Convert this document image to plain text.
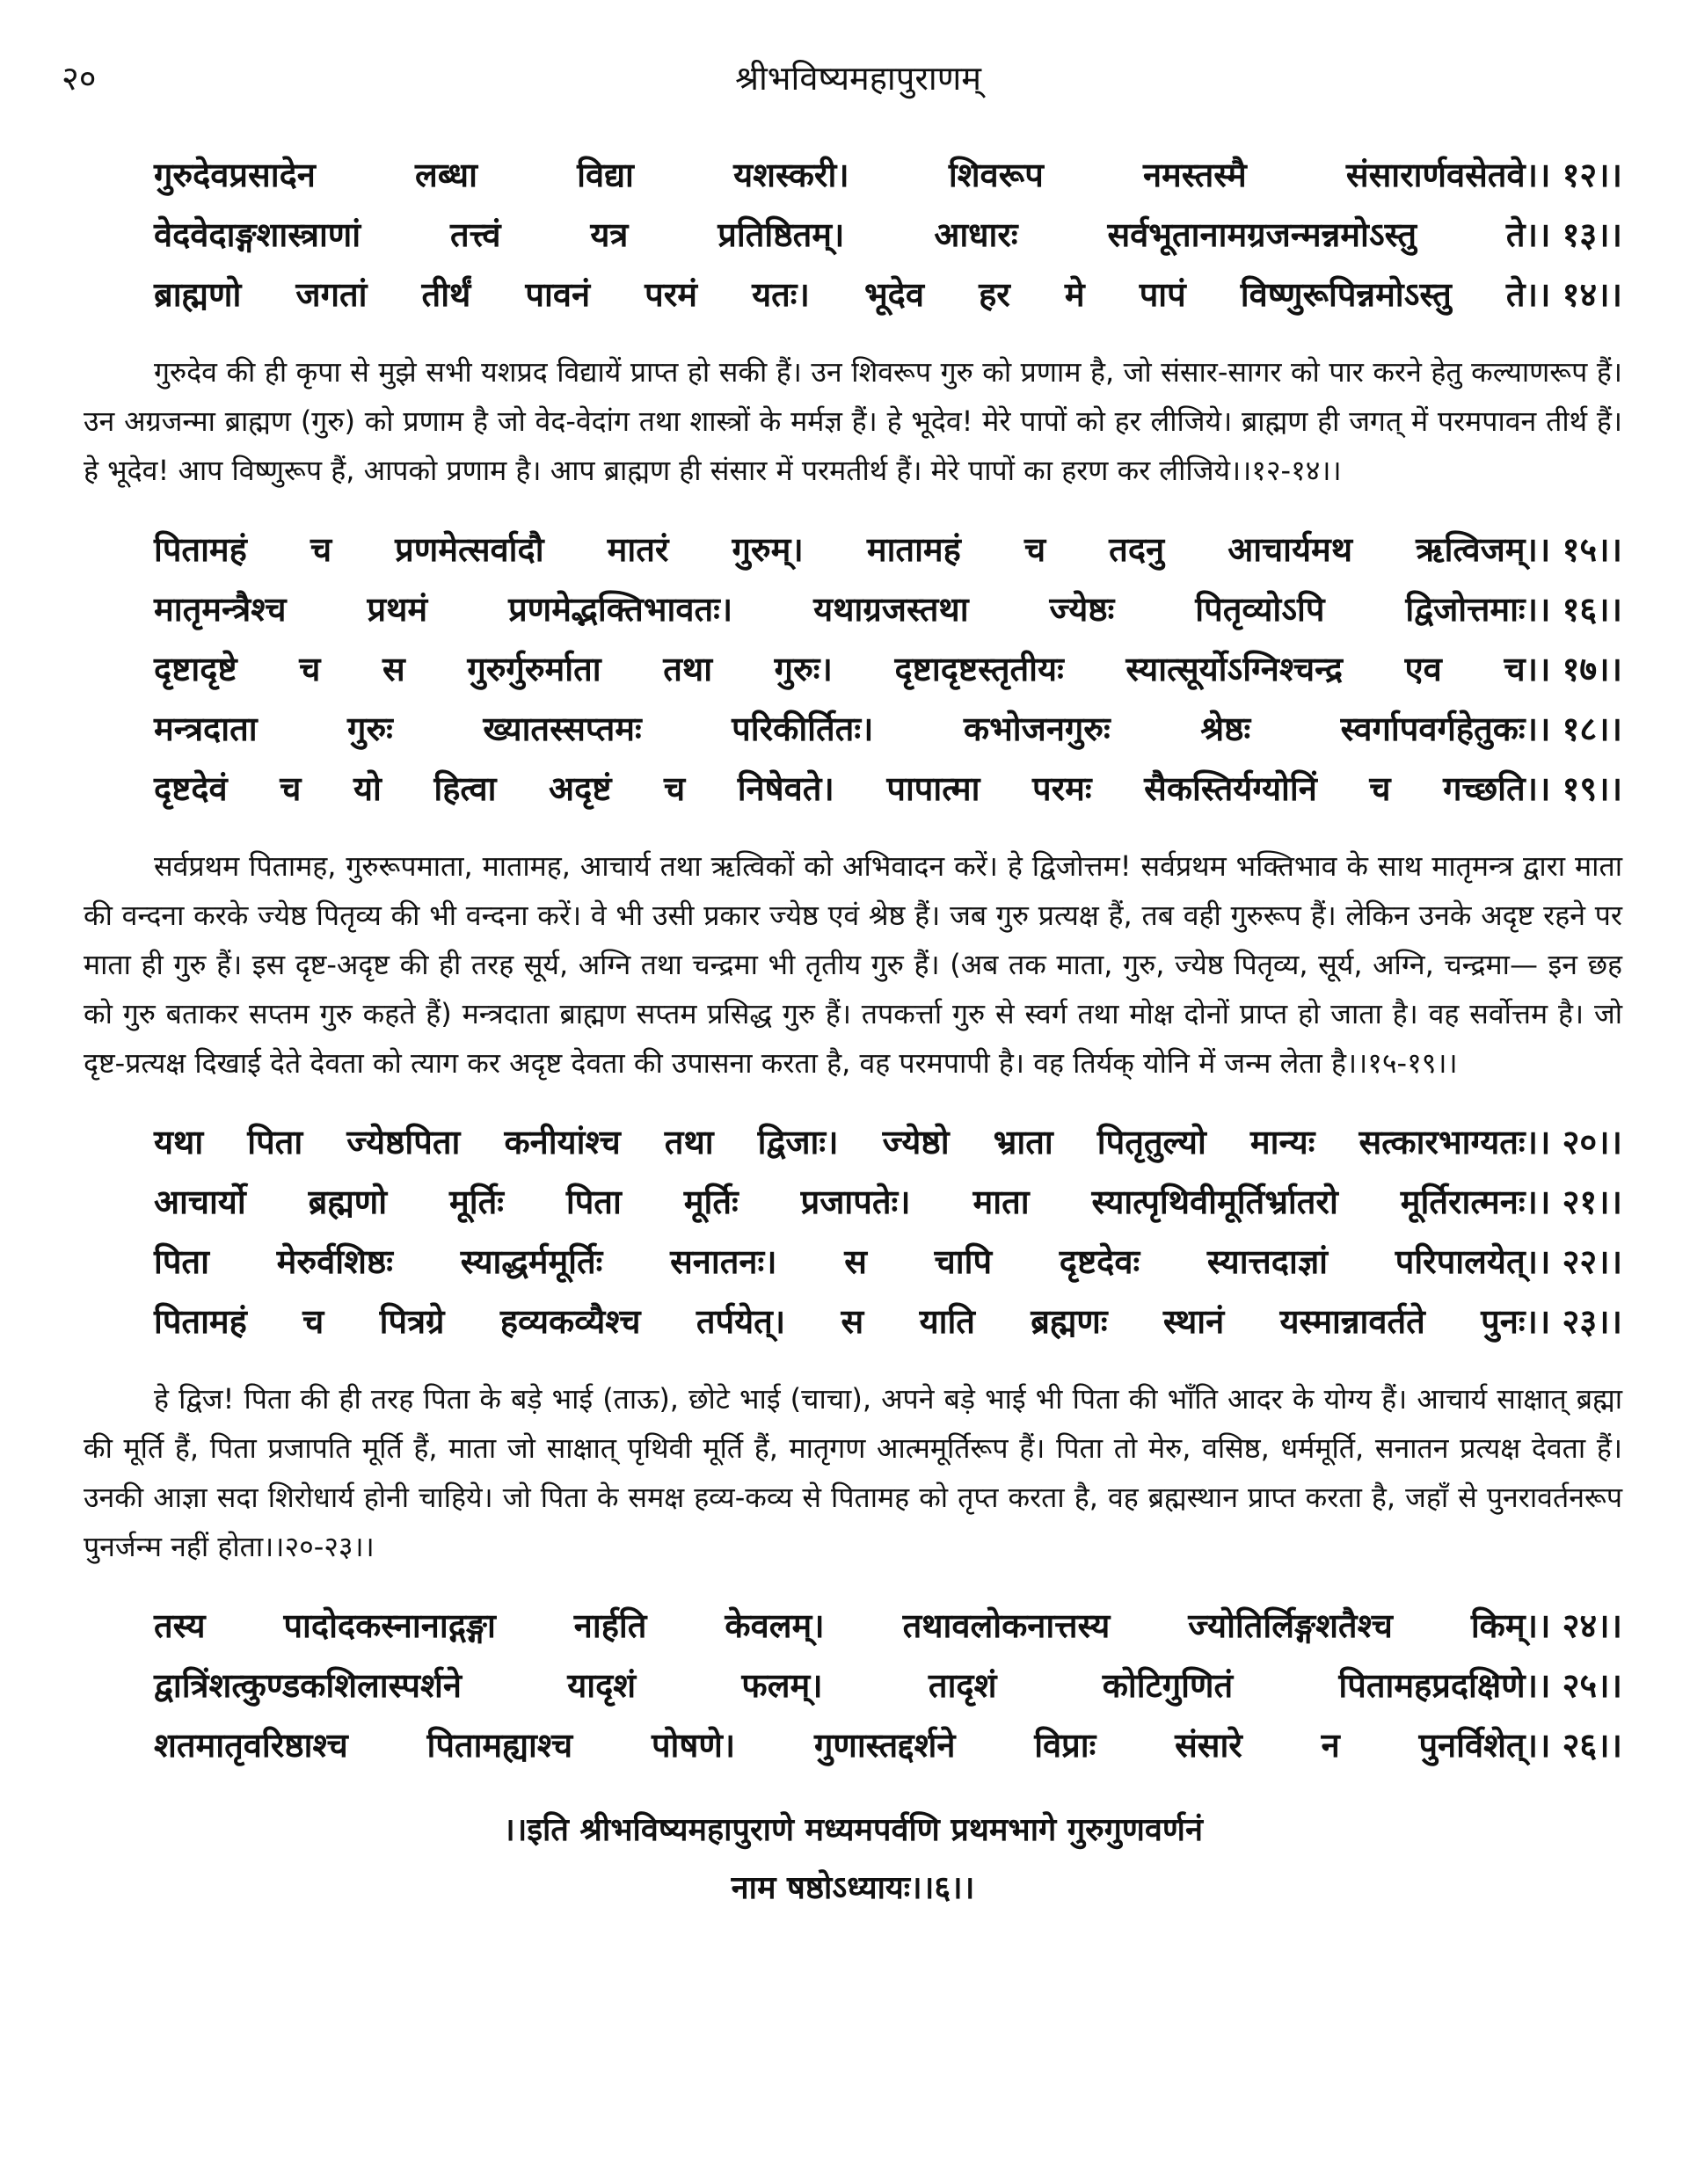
२०	श्रीभविष्यमहापुराणम्
गुरुदेवप्रसादेन	लब्धा	विद्या	यशस्करी।	शिवरूप	नमस्तस्मै	संसारार्णवसेतवे।। १२।।
वेदवेदाङ्गशास्त्राणां	तत्त्वं	यत्र	प्रतिष्ठितम्।	आधारः	सर्वभूतानामग्रजन्मन्नमोऽस्तु	ते।। १३।।
ब्राह्मणो जगतां तीर्थं पावनं परमं यतः। भूदेव हर मे पापं विष्णुरूपिन्नमोऽस्तु ते।। १४।।

गुरुदेव की ही कृपा से मुझे सभी यशप्रद विद्यायें प्राप्त हो सकी हैं। उन शिवरूप गुरु को प्रणाम है, जो संसार-सागर को पार करने हेतु कल्याणरूप हैं। उन अग्रजन्मा ब्राह्मण (गुरु) को प्रणाम है जो वेद-वेदांग तथा शास्त्रों के मर्मज्ञ हैं। हे भूदेव! मेरे पापों को हर लीजिये। ब्राह्मण ही जगत् में परमपावन तीर्थ हैं। हे भूदेव! आप विष्णुरूप हैं, आपको प्रणाम है। आप ब्राह्मण ही संसार में परमतीर्थ हैं। मेरे पापों का हरण कर लीजिये।।१२-१४।।

पितामहं च प्रणमेत्सर्वादौ मातरं गुरुम्। मातामहं च तदनु आचार्यमथ ऋत्विजम्।। १५।।
मातृमन्त्रैश्च प्रथमं प्रणमेद्भक्तिभावतः। यथाग्रजस्तथा ज्येष्ठः पितृव्योऽपि द्विजोत्तमाः।। १६।।
दृष्टादृष्टे च स गुरुर्गुरुर्माता तथा गुरुः। दृष्टादृष्टस्तृतीयः स्यात्सूर्योऽग्निश्चन्द्र एव च।। १७।।
मन्त्रदाता	गुरुः	ख्यातस्सप्तमः	परिकीर्तितः।	कभोजनगुरुः	श्रेष्ठः	स्वर्गापवर्गहेतुकः।। १८।।
दृष्टदेवं च यो हित्वा अदृष्टं च निषेवते। पापात्मा परमः सैकस्तिर्यग्योनिं च गच्छति।। १९।।

सर्वप्रथम पितामह, गुरुरूपमाता, मातामह, आचार्य तथा ऋत्विकों को अभिवादन करें। हे द्विजोत्तम! सर्वप्रथम भक्तिभाव के साथ मातृमन्त्र द्वारा माता की वन्दना करके ज्येष्ठ पितृव्य की भी वन्दना करें। वे भी उसी प्रकार ज्येष्ठ एवं श्रेष्ठ हैं। जब गुरु प्रत्यक्ष हैं, तब वही गुरुरूप हैं। लेकिन उनके अदृष्ट रहने पर माता ही गुरु हैं। इस दृष्ट-अदृष्ट की ही तरह सूर्य, अग्नि तथा चन्द्रमा भी तृतीय गुरु हैं। (अब तक माता, गुरु, ज्येष्ठ पितृव्य, सूर्य, अग्नि, चन्द्रमा— इन छह को गुरु बताकर सप्तम गुरु कहते हैं) मन्त्रदाता ब्राह्मण सप्तम प्रसिद्ध गुरु हैं। तपकर्त्ता गुरु से स्वर्ग तथा मोक्ष दोनों प्राप्त हो जाता है। वह सर्वोत्तम है। जो दृष्ट-प्रत्यक्ष दिखाई देते देवता को त्याग कर अदृष्ट देवता की उपासना करता है, वह परमपापी है। वह तिर्यक् योनि में जन्म लेता है।।१५-१९।।

यथा पिता ज्येष्ठपिता कनीयांश्च तथा द्विजाः। ज्येष्ठो भ्राता पितृतुल्यो मान्यः सत्कारभाग्यतः।। २०।।
आचार्यो ब्रह्मणो मूर्तिः पिता मूर्तिः प्रजापतेः। माता स्यात्पृथिवीमूर्तिर्भ्रातरो मूर्तिरात्मनः।। २१।।
पिता मेरुर्वशिष्ठः स्याद्धर्ममूर्तिः सनातनः। स चापि दृष्टदेवः स्यात्तदाज्ञां परिपालयेत्।। २२।।
पितामहं च पित्रग्रे हव्यकव्यैश्च तर्पयेत्। स याति ब्रह्मणः स्थानं यस्मान्नावर्तते पुनः।। २३।।

हे द्विज! पिता की ही तरह पिता के बड़े भाई (ताऊ), छोटे भाई (चाचा), अपने बड़े भाई भी पिता की भाँति आदर के योग्य हैं। आचार्य साक्षात् ब्रह्मा की मूर्ति हैं, पिता प्रजापति मूर्ति हैं, माता जो साक्षात् पृथिवी मूर्ति हैं, मातृगण आत्ममूर्तिरूप हैं। पिता तो मेरु, वसिष्ठ, धर्ममूर्ति, सनातन प्रत्यक्ष देवता हैं। उनकी आज्ञा सदा शिरोधार्य होनी चाहिये। जो पिता के समक्ष हव्य-कव्य से पितामह को तृप्त करता है, वह ब्रह्मस्थान प्राप्त करता है, जहाँ से पुनरावर्तनरूप पुनर्जन्म नहीं होता।।२०-२३।।

तस्य पादोदकस्नानाद्गङ्गा नार्हति केवलम्। तथावलोकनात्तस्य ज्योतिर्लिङ्गशतैश्च किम्।। २४।।
द्वात्रिंशत्कुण्डकशिलास्पर्शने	यादृशं	फलम्।	तादृशं	कोटिगुणितं	पितामहप्रदक्षिणे।। २५।।
शतमातृवरिष्ठाश्च पितामह्याश्च पोषणे। गुणास्तद्दर्शने विप्राः संसारे न पुनर्विशेत्।। २६।।
।।इति श्रीभविष्यमहापुराणे मध्यमपर्वणि प्रथमभागे गुरुगुणवर्णनं
नाम षष्ठोऽध्यायः।।६।।
